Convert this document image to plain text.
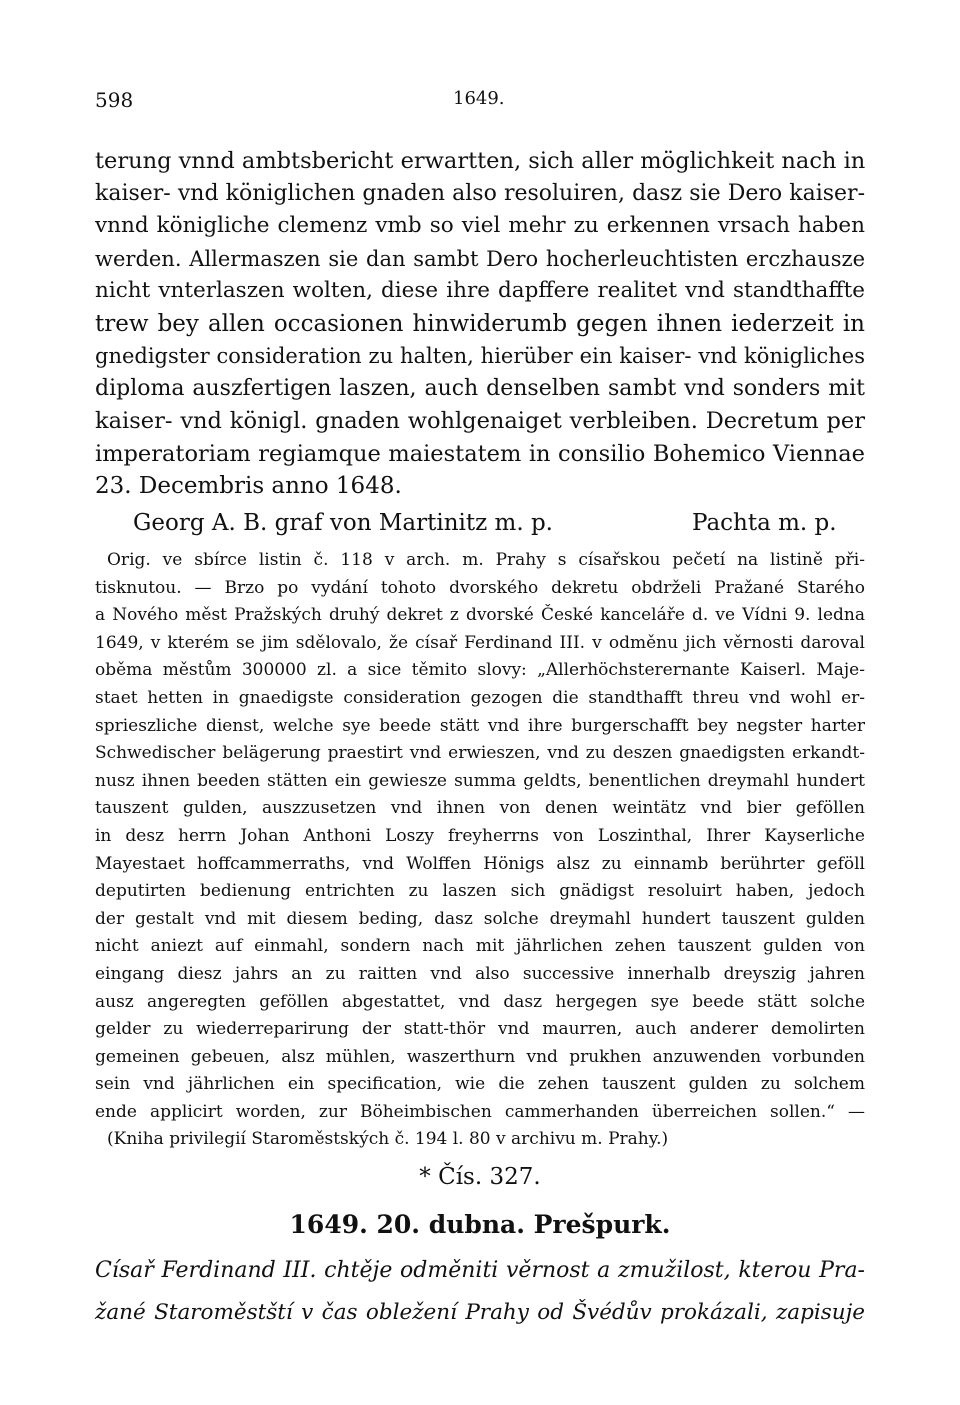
598	1649.
terung vnnd ambtsbericht erwartten, sich aller möglichkeit nach in
kaiser- vnd königlichen gnaden also resoluiren, dasz sie Dero kaiser-
vnnd königliche clemenz vmb so viel mehr zu erkennen vrsach haben
werden. Allermaszen sie dan sambt Dero hocherleuchtisten erczhausze
nicht vnterlaszen wolten, diese ihre dapffere realitet vnd standthaffte
trew bey allen occasionen hinwiderumb gegen ihnen iederzeit in
gnedigster consideration zu halten, hierüber ein kaiser- vnd königliches
diploma auszfertigen laszen, auch denselben sambt vnd sonders mit
kaiser- vnd königl. gnaden wohlgenaiget verbleiben. Decretum per
imperatoriam regiamque maiestatem in consilio Bohemico Viennae
23. Decembris anno 1648.
Georg A. B. graf von Martinitz m. p.	Pachta m. p.
Orig. ve sbírce listin č. 118 v arch. m. Prahy s císařskou pečetí na listině při-
tisknutou. — Brzo po vydání tohoto dvorského dekretu obdrželi Pražané Starého
a Nového měst Pražských druhý dekret z dvorské České kanceláře d. ve Vídni 9. ledna
1649, v kterém se jim sdělovalo, že císař Ferdinand III. v odměnu jich věrnosti daroval
oběma městům 300000 zl. a sice těmito slovy: „Allerhöchsterernante Kaiserl. Maje-
staet hetten in gnaedigste consideration gezogen die standthafft threu vnd wohl er-
sprieszliche dienst, welche sye beede stätt vnd ihre burgerschafft bey negster harter
Schwedischer belägerung praestirt vnd erwieszen, vnd zu deszen gnaedigsten erkandt-
nusz ihnen beeden stätten ein gewiesze summa geldts, benentlichen dreymahl hundert
tauszent gulden, auszzusetzen vnd ihnen von denen weintätz vnd bier geföllen
in desz herrn Johan Anthoni Loszy freyherrns von Loszinthal, Ihrer Kayserliche
Mayestaet hoffcammerraths, vnd Wolffen Hönigs alsz zu einnamb berührter geföll
deputirten bedienung entrichten zu laszen sich gnädigst resoluirt haben, jedoch
der gestalt vnd mit diesem beding, dasz solche dreymahl hundert tauszent gulden
nicht aniezt auf einmahl, sondern nach mit jährlichen zehen tauszent gulden von
eingang diesz jahrs an zu raitten vnd also successive innerhalb dreyszig jahren
ausz angeregten geföllen abgestattet, vnd dasz hergegen sye beede stätt solche
gelder zu wiederreparirung der statt-thör vnd maurren, auch anderer demolirten
gemeinen gebeuen, alsz mühlen, waszerthurn vnd prukhen anzuwenden vorbunden
sein vnd jährlichen ein specification, wie die zehen tauszent gulden zu solchem
ende applicirt worden, zur Böheimbischen cammerhanden überreichen sollen.“ —
(Kniha privilegií Staroměstských č. 194 l. 80 v archivu m. Prahy.)
* Čís. 327.
1649. 20. dubna. Prešpurk.
Císař Ferdinand III. chtěje odměniti věrnost a zmužilost, kterou Pra-
žané Staroměstští v čas obležení Prahy od Švédův prokázali, zapisuje
